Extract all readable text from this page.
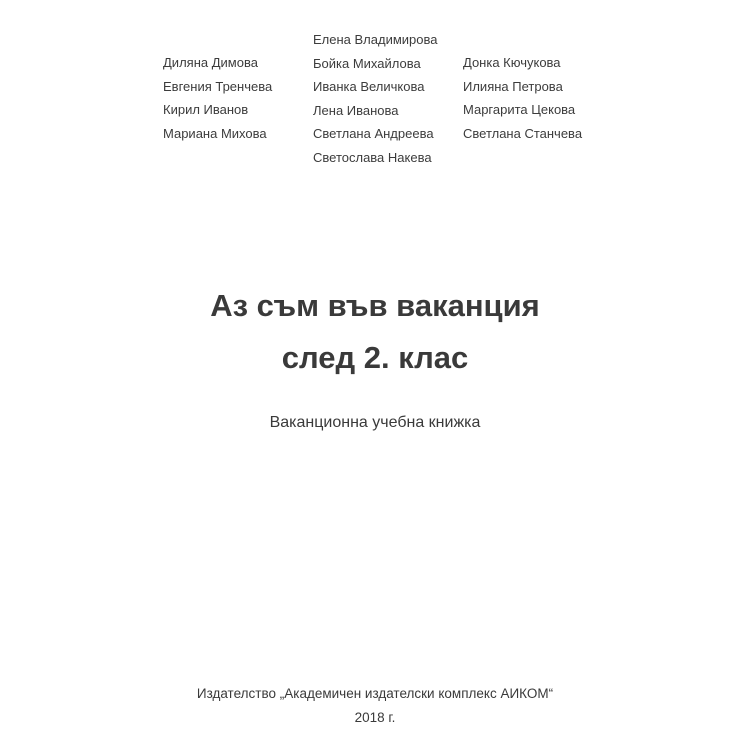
Диляна Димова
Евгения Тренчева
Кирил Иванов
Мариана Михова
Елена Владимирова
Бойка Михайлова
Иванка Величкова
Лена Иванова
Светлана Андреева
Светослава Накева
Донка Кючукова
Илияна Петрова
Маргарита Цекова
Светлана Станчева
Аз съм във ваканция
след 2. клас
Ваканционна учебна книжка
Издателство „Академичен издателски комплекс АИКОМ“
2018 г.
